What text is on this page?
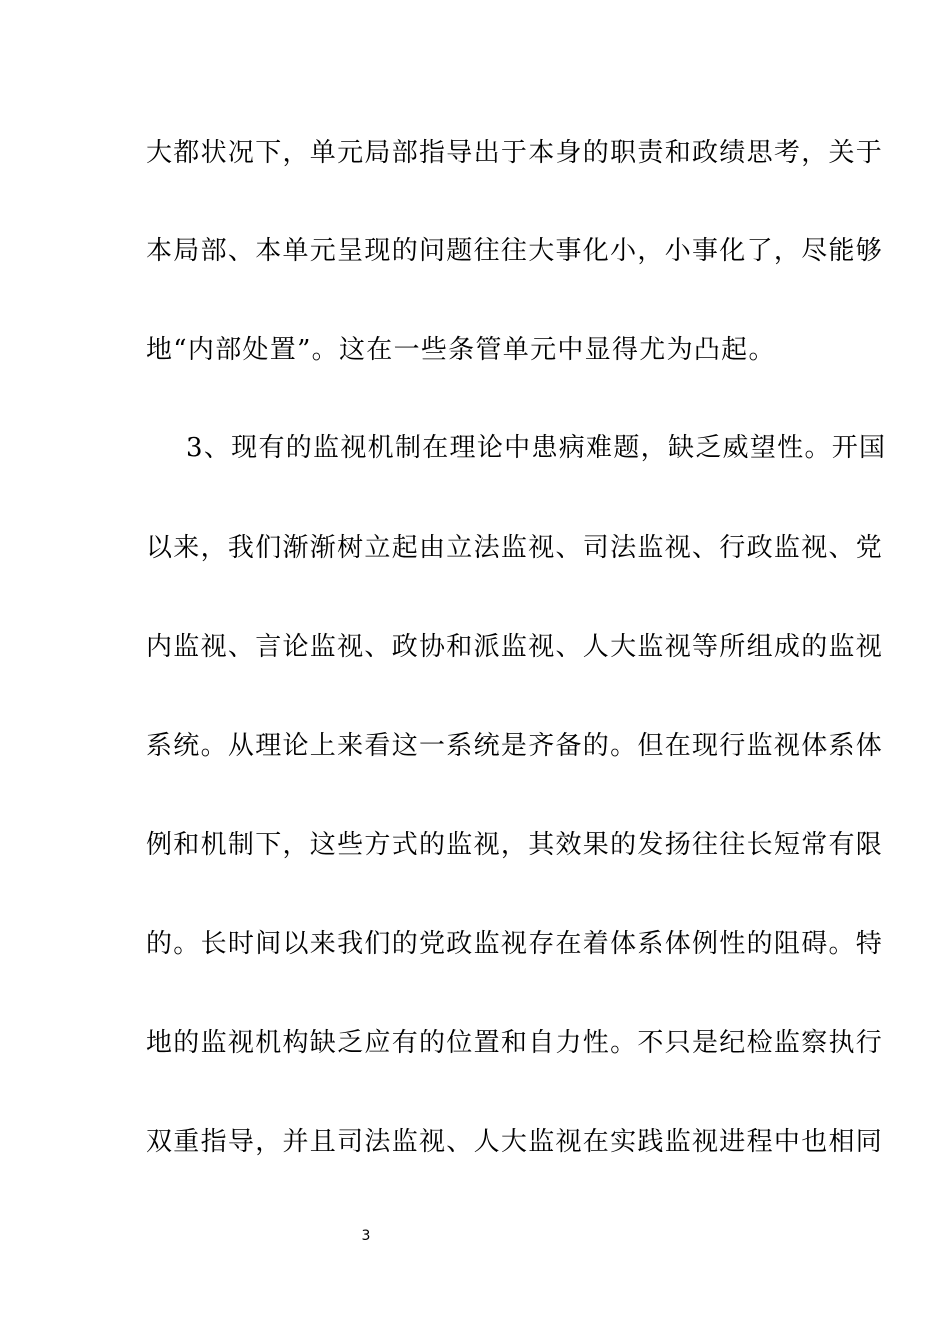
大都状况下，单元局部指导出于本身的职责和政绩思考，关于
本局部、本单元呈现的问题往往大事化小，小事化了，尽能够
地“内部处置”。这在一些条管单元中显得尤为凸起。
3、现有的监视机制在理论中患病难题，缺乏威望性。开国
以来，我们渐渐树立起由立法监视、司法监视、行政监视、党
内监视、言论监视、政协和派监视、人大监视等所组成的监视
系统。从理论上来看这一系统是齐备的。但在现行监视体系体
例和机制下，这些方式的监视，其效果的发扬往往长短常有限
的。长时间以来我们的党政监视存在着体系体例性的阻碍。特
地的监视机构缺乏应有的位置和自力性。不只是纪检监察执行
双重指导，并且司法监视、人大监视在实践监视进程中也相同
3
